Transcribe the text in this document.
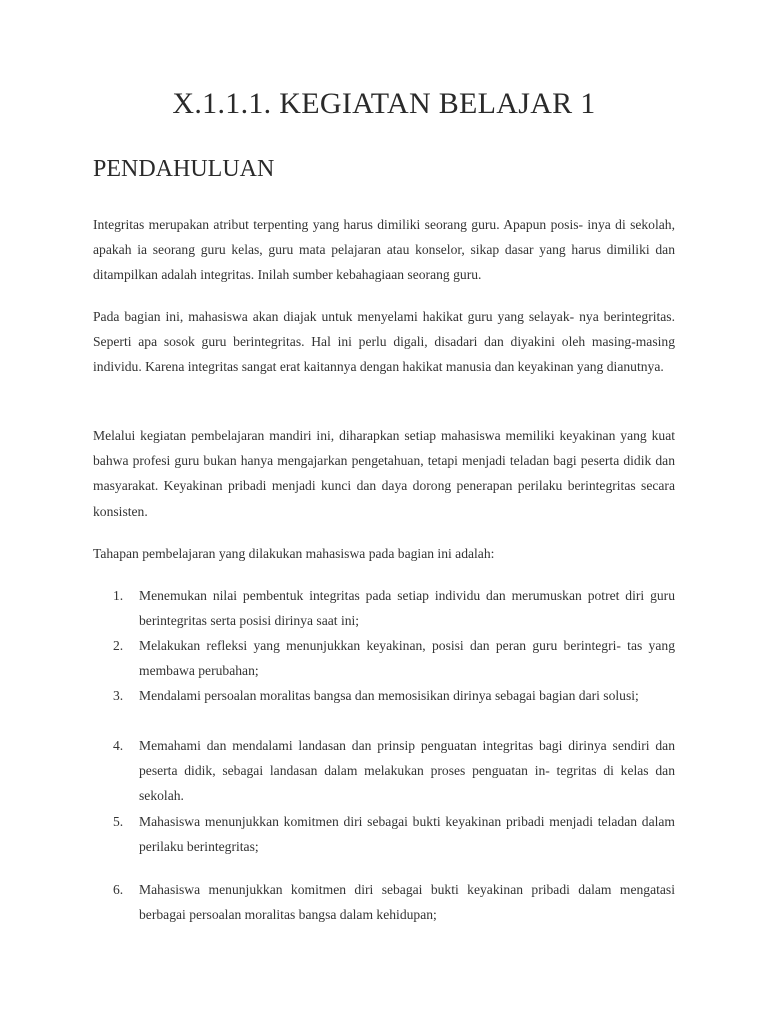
X.1.1.1. KEGIATAN BELAJAR 1
PENDAHULUAN

Integritas merupakan atribut terpenting yang harus dimiliki seorang guru. Apapun posis- inya di sekolah, apakah ia seorang guru kelas, guru mata pelajaran atau konselor, sikap dasar yang harus dimiliki dan ditampilkan adalah integritas. Inilah sumber kebahagiaan seorang guru.

Pada bagian ini, mahasiswa akan diajak untuk menyelami hakikat guru yang selayak- nya berintegritas. Seperti apa sosok guru berintegritas. Hal ini perlu digali, disadari dan diyakini oleh masing-masing individu. Karena integritas sangat erat kaitannya dengan hakikat manusia dan keyakinan yang dianutnya.

Melalui kegiatan pembelajaran mandiri ini, diharapkan setiap mahasiswa memiliki keyakinan yang kuat bahwa profesi guru bukan hanya mengajarkan pengetahuan, tetapi menjadi teladan bagi peserta didik dan masyarakat. Keyakinan pribadi menjadi kunci dan daya dorong penerapan perilaku berintegritas secara konsisten.

Tahapan pembelajaran yang dilakukan mahasiswa pada bagian ini adalah:

1.	Menemukan nilai pembentuk integritas pada setiap individu dan merumuskan potret diri guru berintegritas serta posisi dirinya saat ini;
2.	Melakukan refleksi yang menunjukkan keyakinan, posisi dan peran guru berintegri- tas yang membawa perubahan;
3.	Mendalami persoalan moralitas bangsa dan memosisikan dirinya sebagai bagian dari solusi;
4.	Memahami dan mendalami landasan dan prinsip penguatan integritas bagi dirinya sendiri dan peserta didik, sebagai landasan dalam melakukan proses penguatan in- tegritas di kelas dan sekolah.
5.	Mahasiswa menunjukkan komitmen diri sebagai bukti keyakinan pribadi menjadi teladan dalam perilaku berintegritas;
6.	Mahasiswa menunjukkan komitmen diri sebagai bukti keyakinan pribadi dalam mengatasi berbagai persoalan moralitas bangsa dalam kehidupan;
